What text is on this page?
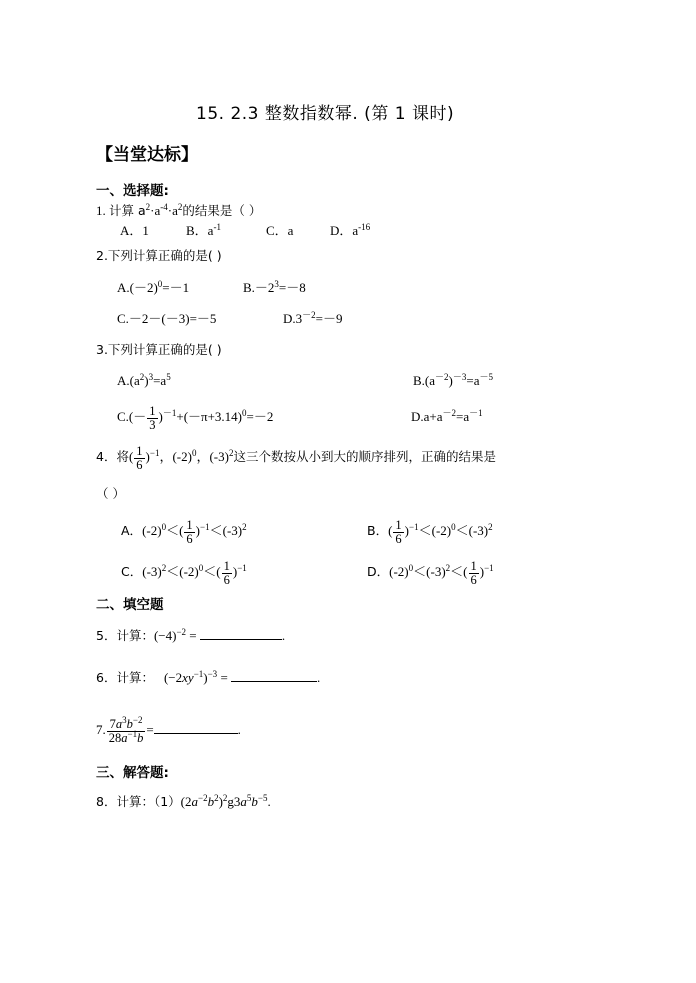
15. 2.3 整数指数幂. (第 1 课时)
【当堂达标】
一、选择题:
1. 计算 $a^2\cdot a^{-4}\cdot a^2$的结果是（ ）
A．1	B．$a^{-1}$	C．a	D．$a^{-16}$
2.下列计算正确的是( )
$A.(-2)^0=-1$	$B.-2^3=-8$
C.－2－(－3)=－5	$D.3^{-2}=-9$
3.下列计算正确的是( )
$A.(a^2)^3=a^5$	$B.(a^{-2})^{-3}=a^{-5}$
$C.(- \frac{1}{3} )^{-1}+(-\pi+3.14)^0=-2$	$D.a+a^{-2}=a^{-1}$
4．将( $\frac{1}{6} )^{-1}$，$(-2)^0$，$(-3)^2$这三个数按从小到大的顺序排列，正确的结果是
（ ）
A．$(-2)^0<( \frac{1}{6} )^{-1}<(-3)^2$	B．( $\frac{1}{6} )^{-1}<(-2)^0<(-3)^2$
C．$(-3)^2<(-2)^0<( \frac{1}{6} )^{-1}$	D．$(-2)^0<(-3)^2<( \frac{1}{6} )^{-1}$
二、填空题
5．计算：$(-4)^{-2}$ =	.
6．计算： $(-2xy^{-1})^{-3}$ =	.
7. $\frac{7a^3b^{-2}}{28a^{-1}b}$ =	.
三、解答题:
8．计算：$(1)(2a^{-2}b^2)^2g3a^5b^{-5}$.
